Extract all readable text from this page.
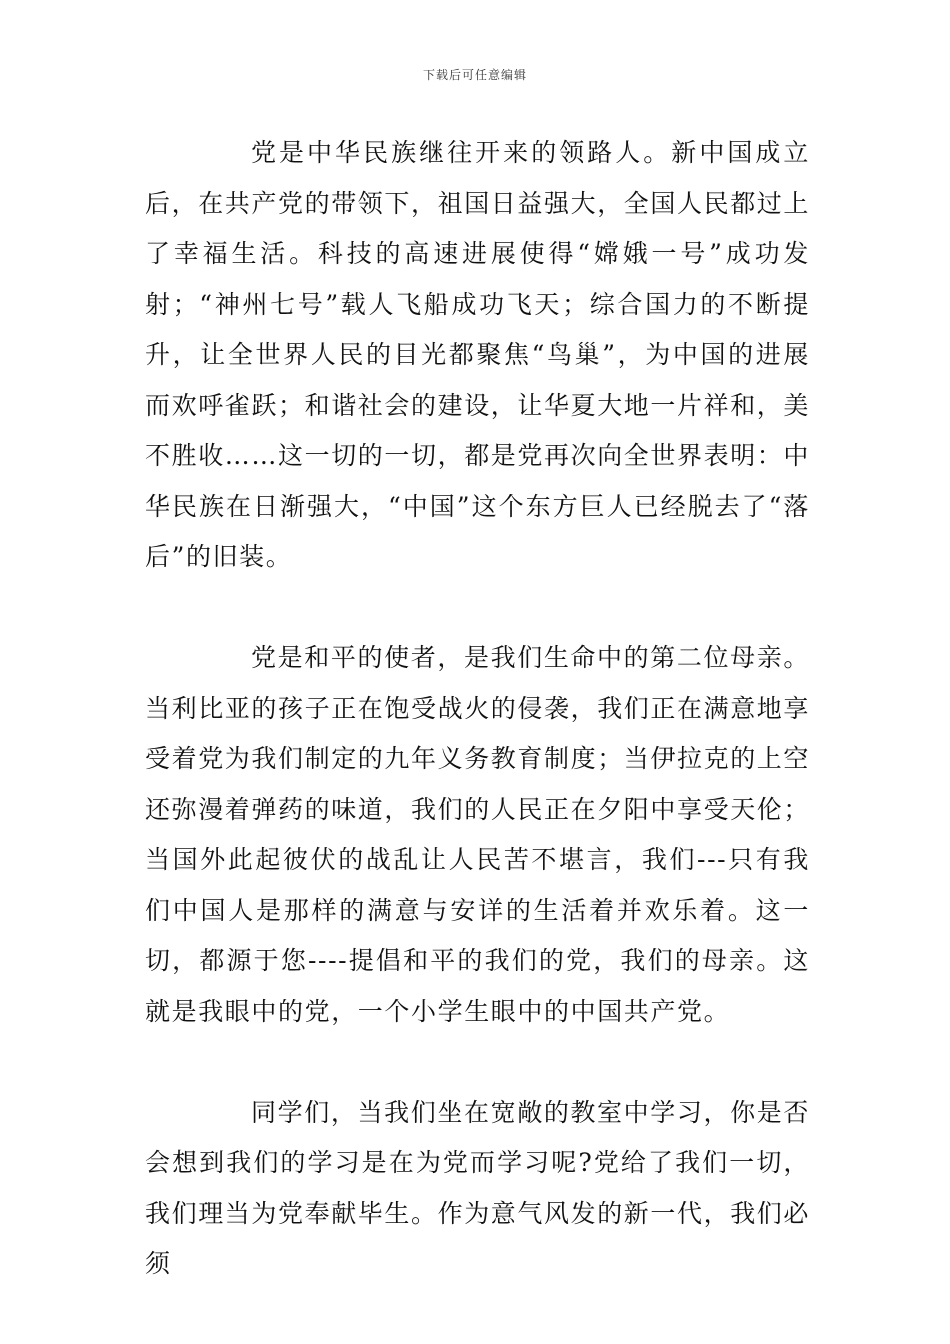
下载后可任意编辑

党是中华民族继往开来的领路人。新中国成立后，在共产党的带领下，祖国日益强大，全国人民都过上了幸福生活。科技的高速进展使得“嫦娥一号”成功发射；“神州七号”载人飞船成功飞天；综合国力的不断提升，让全世界人民的目光都聚焦“鸟巢”，为中国的进展而欢呼雀跃；和谐社会的建设，让华夏大地一片祥和，美不胜收……这一切的一切，都是党再次向全世界表明：中华民族在日渐强大，“中国”这个东方巨人已经脱去了“落后”的旧装。

党是和平的使者，是我们生命中的第二位母亲。当利比亚的孩子正在饱受战火的侵袭，我们正在满意地享受着党为我们制定的九年义务教育制度；当伊拉克的上空还弥漫着弹药的味道，我们的人民正在夕阳中享受天伦；当国外此起彼伏的战乱让人民苦不堪言，我们---只有我们中国人是那样的满意与安详的生活着并欢乐着。这一切，都源于您----提倡和平的我们的党，我们的母亲。这就是我眼中的党，一个小学生眼中的中国共产党。

同学们，当我们坐在宽敞的教室中学习，你是否会想到我们的学习是在为党而学习呢?党给了我们一切，我们理当为党奉献毕生。作为意气风发的新一代，我们必须
